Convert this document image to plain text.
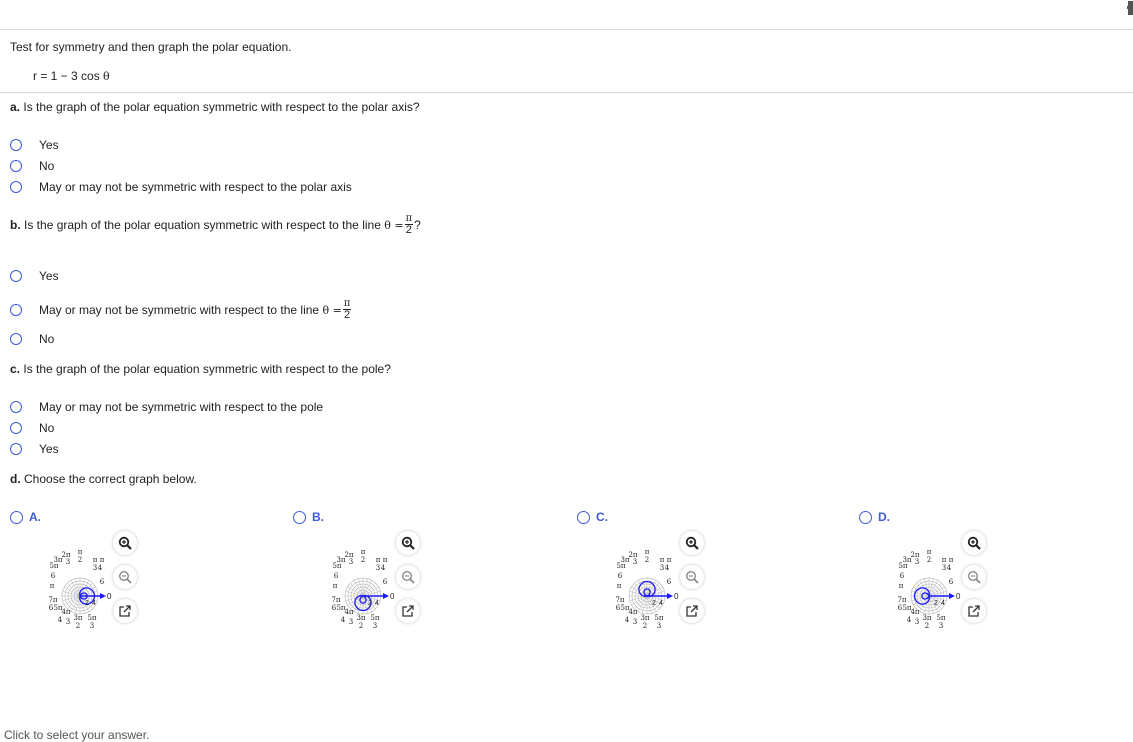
Test for symmetry and then graph the polar equation.
r = 1 − 3 cos θ
a. Is the graph of the polar equation symmetric with respect to the polar axis?
Yes
No
May or may not be symmetric with respect to the polar axis
b.
Is the graph of the polar equation symmetric with respect to the line
$\theta = \frac{\pi}{2}$ ?
Yes
May or may not be symmetric with respect to the line
$\theta = \frac{\pi}{2}$
No
c. Is the graph of the polar equation symmetric with respect to the pole?
May or may not be symmetric with respect to the pole
No
Yes
d. Choose the correct graph below.
A.
π
2
2π
3
3π
5π
6
π
7π
6 5π
4π
4 3 3π
2
5π
3
π
3
π
4
6
0
2 4
B.
π
2
2π
3
3π
5π
6
π
7π
6 5π
4π
4 3 3π
2
5π
3
π
3
π
4
6
0
2 4
C.
π
2
2π
3
3π
5π
6
π
7π
6 5π
4π
4 3 3π
2
5π
3
π
3
π
4
6
0
2 4
D.
π
2
2π
3
3π
5π
6
π
7π
6 5π
4π
4 3 3π
2
5π
3
π
3
π
4
6
0
2 4
Click to select your answer.
